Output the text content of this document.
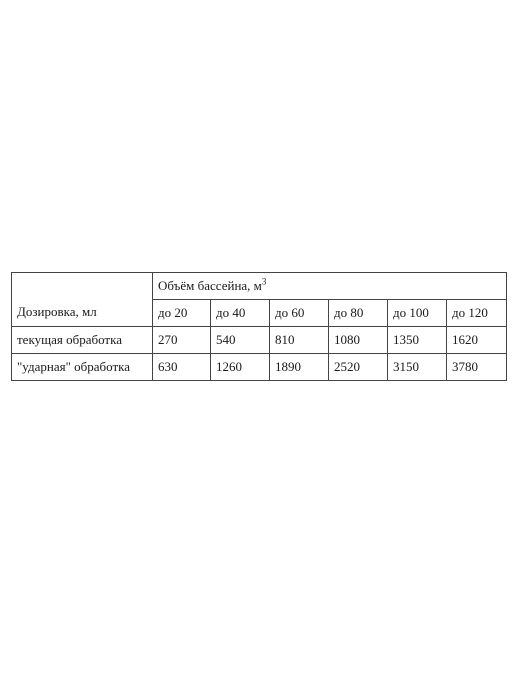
Дозировка, мл	Объём бассейна, $м^3$
	до 20	до 40	до 60	до 80	до 100	до 120
текущая обработка	270	540	810	1080	1350	1620
"ударная" обработка	630	1260	1890	2520	3150	3780
